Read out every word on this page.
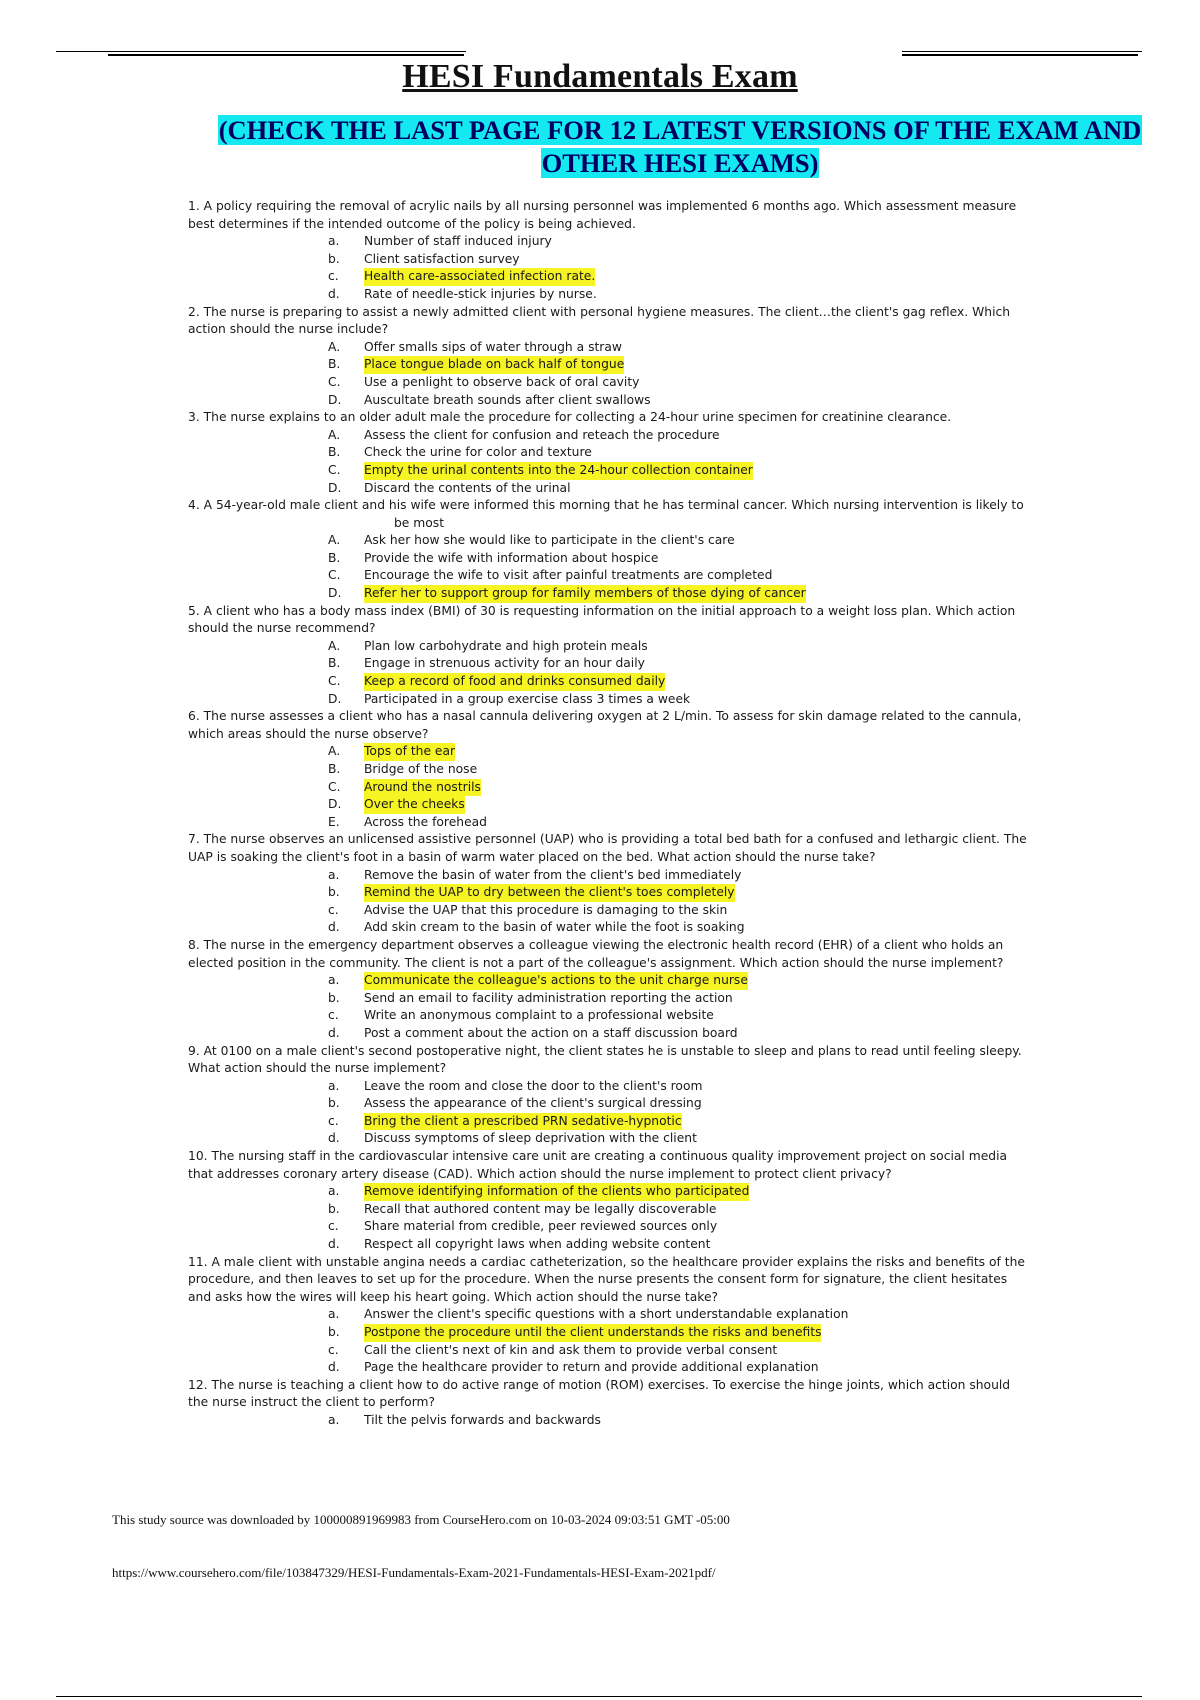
HESI Fundamentals Exam
(CHECK THE LAST PAGE FOR 12 LATEST VERSIONS OF THE EXAM AND
OTHER HESI EXAMS)

1. A policy requiring the removal of acrylic nails by all nursing personnel was implemented 6 months ago. Which assessment measure best determines if the intended outcome of the policy is being achieved.

a.	Number of staff induced injury
b.	Client satisfaction survey
c.	Health care-associated infection rate.
d.	Rate of needle-stick injuries by nurse.

2. The nurse is preparing to assist a newly admitted client with personal hygiene measures. The client…the client's gag reflex. Which action should the nurse include?

A.	Offer smalls sips of water through a straw
B.	Place tongue blade on back half of tongue
C.	Use a penlight to observe back of oral cavity
D.	Auscultate breath sounds after client swallows

3. The nurse explains to an older adult male the procedure for collecting a 24-hour urine specimen for creatinine clearance.

A.	Assess the client for confusion and reteach the procedure
B.	Check the urine for color and texture
C.	Empty the urinal contents into the 24-hour collection container
D.	Discard the contents of the urinal

4. A 54-year-old male client and his wife were informed this morning that he has terminal cancer. Which nursing intervention is likely to

be most
A.	Ask her how she would like to participate in the client's care
B.	Provide the wife with information about hospice
C.	Encourage the wife to visit after painful treatments are completed
D.	Refer her to support group for family members of those dying of cancer

5. A client who has a body mass index (BMI) of 30 is requesting information on the initial approach to a weight loss plan. Which action should the nurse recommend?

A.	Plan low carbohydrate and high protein meals
B.	Engage in strenuous activity for an hour daily
C.	Keep a record of food and drinks consumed daily
D.	Participated in a group exercise class 3 times a week

6. The nurse assesses a client who has a nasal cannula delivering oxygen at 2 L/min. To assess for skin damage related to the cannula, which areas should the nurse observe?

A.	Tops of the ear
B.	Bridge of the nose
C.	Around the nostrils
D.	Over the cheeks
E.	Across the forehead

7. The nurse observes an unlicensed assistive personnel (UAP) who is providing a total bed bath for a confused and lethargic client. The UAP is soaking the client's foot in a basin of warm water placed on the bed. What action should the nurse take?

a.	Remove the basin of water from the client's bed immediately
b.	Remind the UAP to dry between the client's toes completely
c.	Advise the UAP that this procedure is damaging to the skin
d.	Add skin cream to the basin of water while the foot is soaking

8. The nurse in the emergency department observes a colleague viewing the electronic health record (EHR) of a client who holds an elected position in the community. The client is not a part of the colleague's assignment. Which action should the nurse implement?

a.	Communicate the colleague's actions to the unit charge nurse
b.	Send an email to facility administration reporting the action
c.	Write an anonymous complaint to a professional website
d.	Post a comment about the action on a staff discussion board

9. At 0100 on a male client's second postoperative night, the client states he is unstable to sleep and plans to read until feeling sleepy. What action should the nurse implement?

a.	Leave the room and close the door to the client's room
b.	Assess the appearance of the client's surgical dressing
c.	Bring the client a prescribed PRN sedative-hypnotic
d.	Discuss symptoms of sleep deprivation with the client

10. The nursing staff in the cardiovascular intensive care unit are creating a continuous quality improvement project on social media that addresses coronary artery disease (CAD). Which action should the nurse implement to protect client privacy?

a.	Remove identifying information of the clients who participated
b.	Recall that authored content may be legally discoverable
c.	Share material from credible, peer reviewed sources only
d.	Respect all copyright laws when adding website content

11. A male client with unstable angina needs a cardiac catheterization, so the healthcare provider explains the risks and benefits of the procedure, and then leaves to set up for the procedure. When the nurse presents the consent form for signature, the client hesitates and asks how the wires will keep his heart going. Which action should the nurse take?

a.	Answer the client's specific questions with a short understandable explanation
b.	Postpone the procedure until the client understands the risks and benefits
c.	Call the client's next of kin and ask them to provide verbal consent
d.	Page the healthcare provider to return and provide additional explanation

12. The nurse is teaching a client how to do active range of motion (ROM) exercises. To exercise the hinge joints, which action should the nurse instruct the client to perform?

a.	Tilt the pelvis forwards and backwards
This study source was downloaded by 100000891969983 from CourseHero.com on 10-03-2024 09:03:51 GMT -05:00
https://www.coursehero.com/file/103847329/HESI-Fundamentals-Exam-2021-Fundamentals-HESI-Exam-2021pdf/
